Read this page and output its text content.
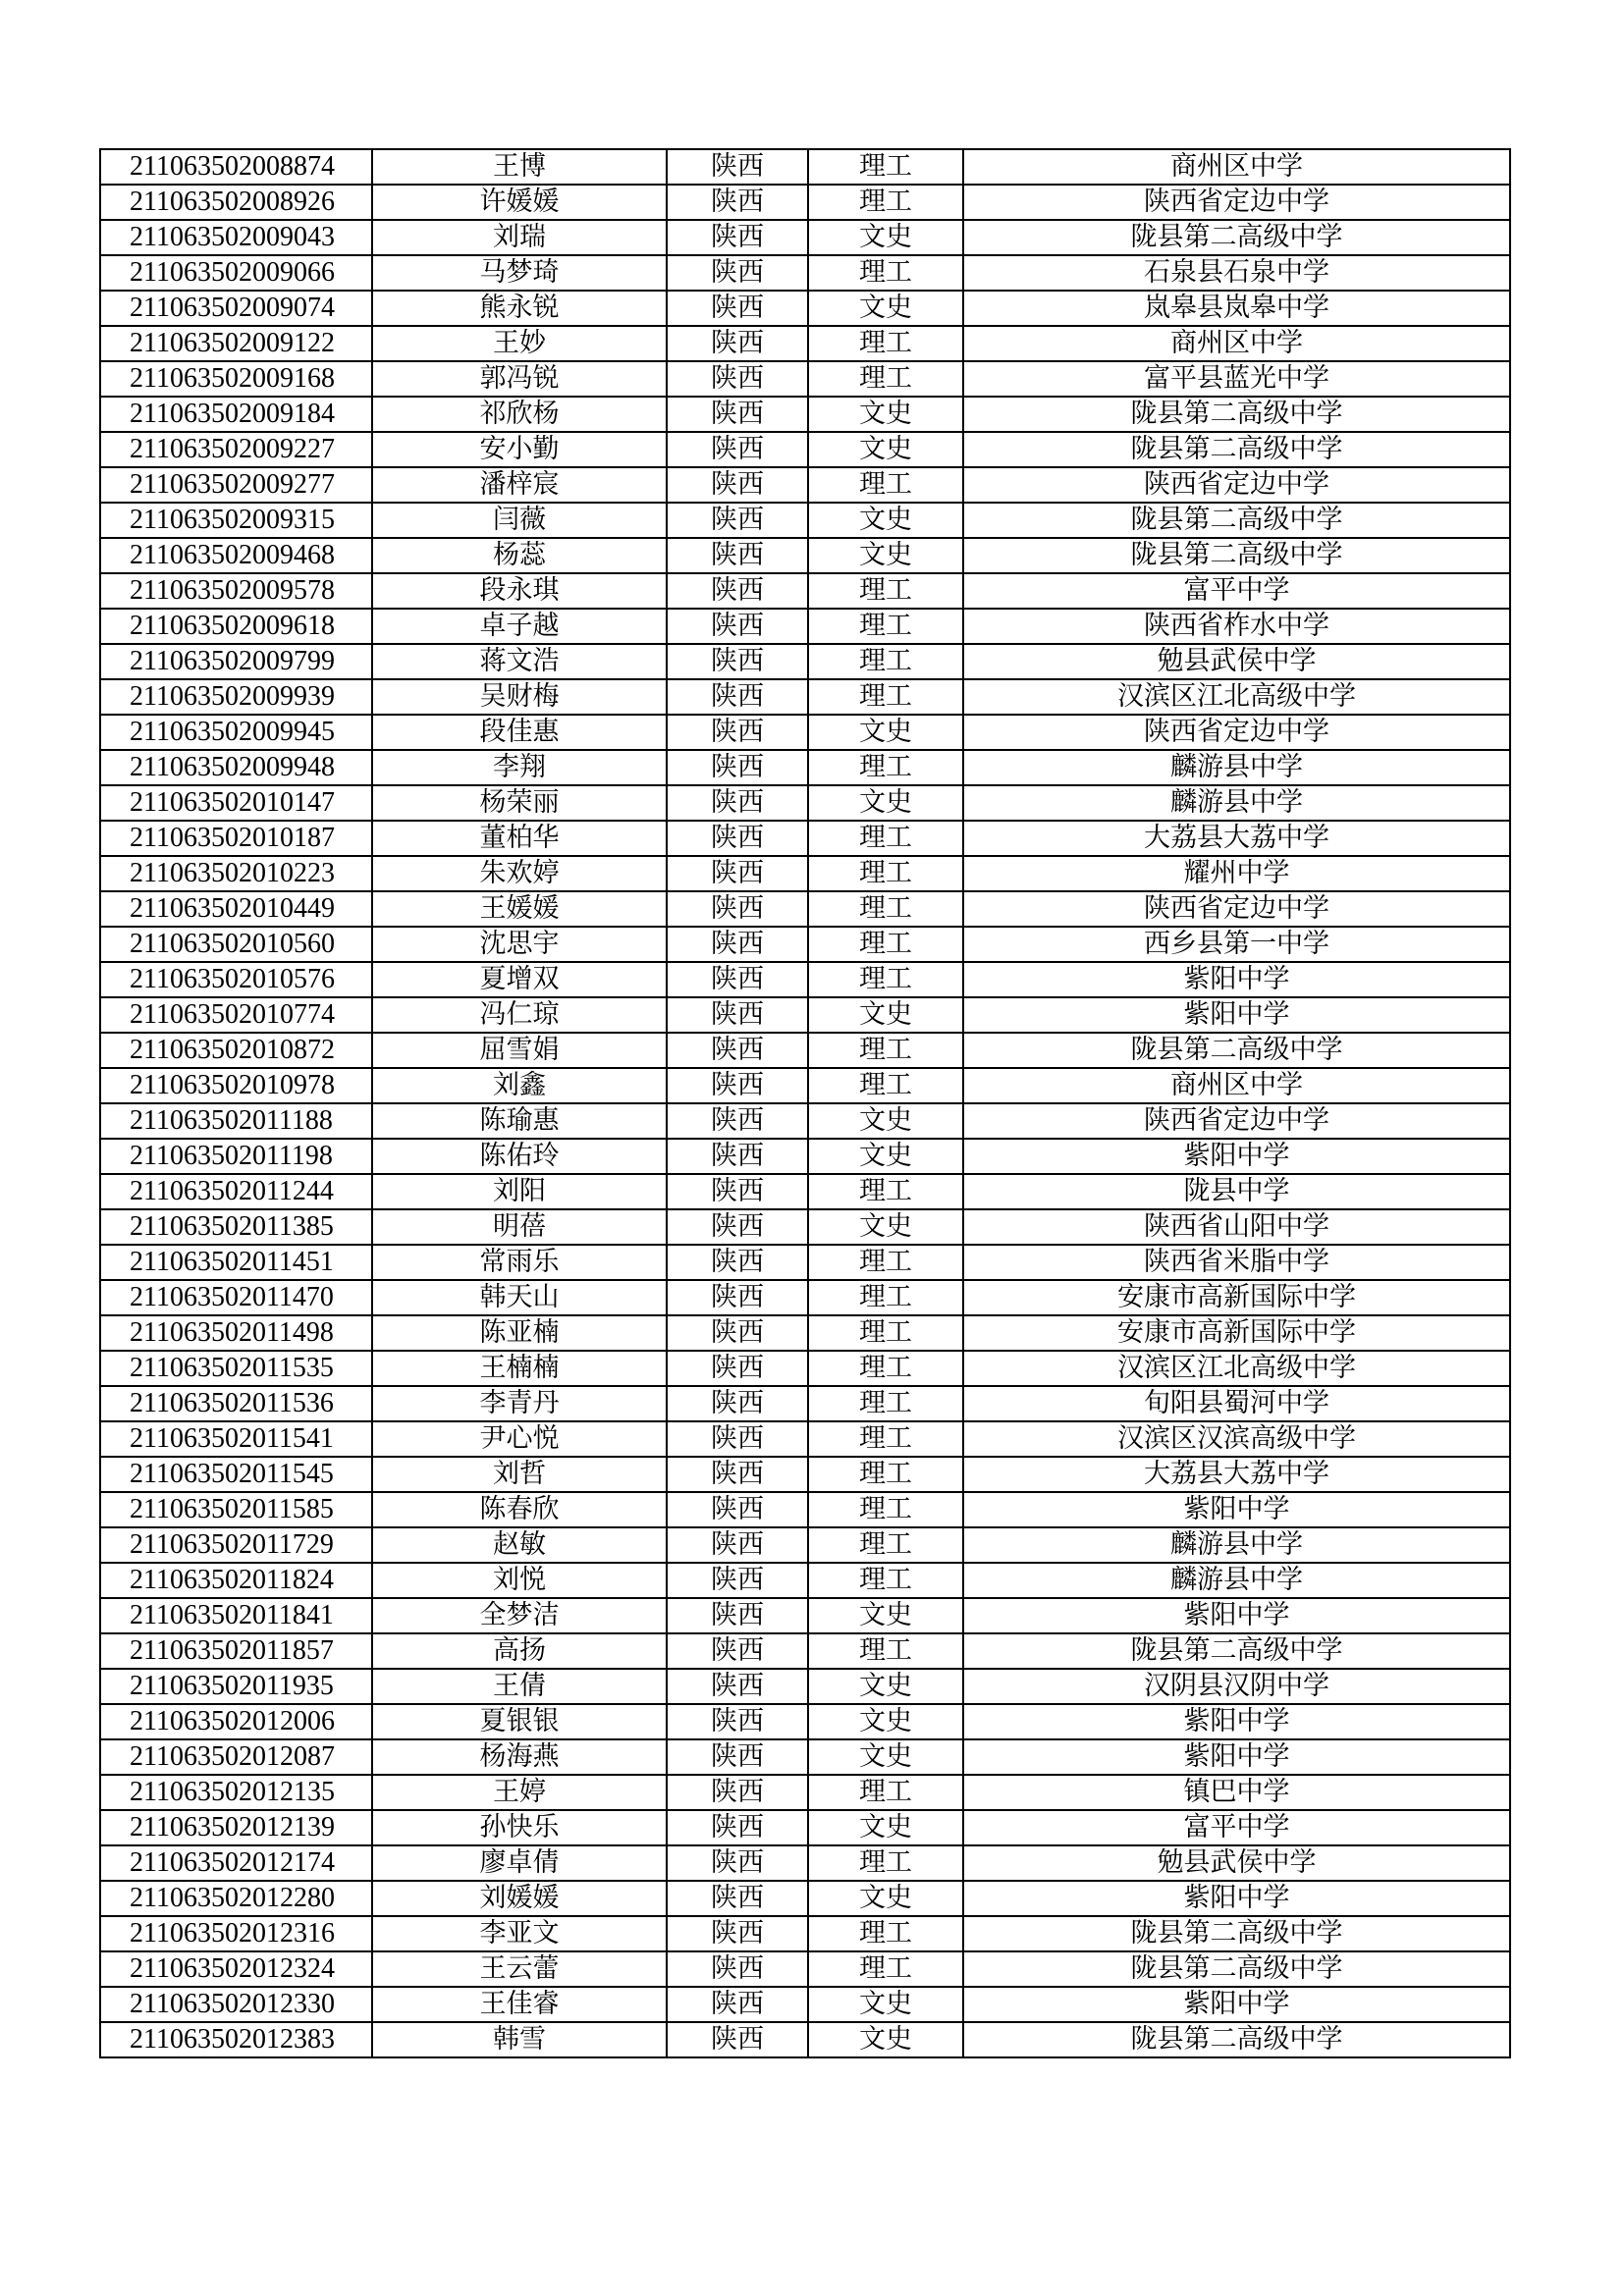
211063502008874	王博	陕西	理工	商州区中学
211063502008926	许媛媛	陕西	理工	陕西省定边中学
211063502009043	刘瑞	陕西	文史	陇县第二高级中学
211063502009066	马梦琦	陕西	理工	石泉县石泉中学
211063502009074	熊永锐	陕西	文史	岚皋县岚皋中学
211063502009122	王妙	陕西	理工	商州区中学
211063502009168	郭冯锐	陕西	理工	富平县蓝光中学
211063502009184	祁欣杨	陕西	文史	陇县第二高级中学
211063502009227	安小勤	陕西	文史	陇县第二高级中学
211063502009277	潘梓宸	陕西	理工	陕西省定边中学
211063502009315	闫薇	陕西	文史	陇县第二高级中学
211063502009468	杨蕊	陕西	文史	陇县第二高级中学
211063502009578	段永琪	陕西	理工	富平中学
211063502009618	卓子越	陕西	理工	陕西省柞水中学
211063502009799	蒋文浩	陕西	理工	勉县武侯中学
211063502009939	吴财梅	陕西	理工	汉滨区江北高级中学
211063502009945	段佳惠	陕西	文史	陕西省定边中学
211063502009948	李翔	陕西	理工	麟游县中学
211063502010147	杨荣丽	陕西	文史	麟游县中学
211063502010187	董柏华	陕西	理工	大荔县大荔中学
211063502010223	朱欢婷	陕西	理工	耀州中学
211063502010449	王媛媛	陕西	理工	陕西省定边中学
211063502010560	沈思宇	陕西	理工	西乡县第一中学
211063502010576	夏增双	陕西	理工	紫阳中学
211063502010774	冯仁琼	陕西	文史	紫阳中学
211063502010872	屈雪娟	陕西	理工	陇县第二高级中学
211063502010978	刘鑫	陕西	理工	商州区中学
211063502011188	陈瑜惠	陕西	文史	陕西省定边中学
211063502011198	陈佑玲	陕西	文史	紫阳中学
211063502011244	刘阳	陕西	理工	陇县中学
211063502011385	明蓓	陕西	文史	陕西省山阳中学
211063502011451	常雨乐	陕西	理工	陕西省米脂中学
211063502011470	韩天山	陕西	理工	安康市高新国际中学
211063502011498	陈亚楠	陕西	理工	安康市高新国际中学
211063502011535	王楠楠	陕西	理工	汉滨区江北高级中学
211063502011536	李青丹	陕西	理工	旬阳县蜀河中学
211063502011541	尹心悦	陕西	理工	汉滨区汉滨高级中学
211063502011545	刘哲	陕西	理工	大荔县大荔中学
211063502011585	陈春欣	陕西	理工	紫阳中学
211063502011729	赵敏	陕西	理工	麟游县中学
211063502011824	刘悦	陕西	理工	麟游县中学
211063502011841	全梦洁	陕西	文史	紫阳中学
211063502011857	高扬	陕西	理工	陇县第二高级中学
211063502011935	王倩	陕西	文史	汉阴县汉阴中学
211063502012006	夏银银	陕西	文史	紫阳中学
211063502012087	杨海燕	陕西	文史	紫阳中学
211063502012135	王婷	陕西	理工	镇巴中学
211063502012139	孙快乐	陕西	文史	富平中学
211063502012174	廖卓倩	陕西	理工	勉县武侯中学
211063502012280	刘媛媛	陕西	文史	紫阳中学
211063502012316	李亚文	陕西	理工	陇县第二高级中学
211063502012324	王云蕾	陕西	理工	陇县第二高级中学
211063502012330	王佳睿	陕西	文史	紫阳中学
211063502012383	韩雪	陕西	文史	陇县第二高级中学
